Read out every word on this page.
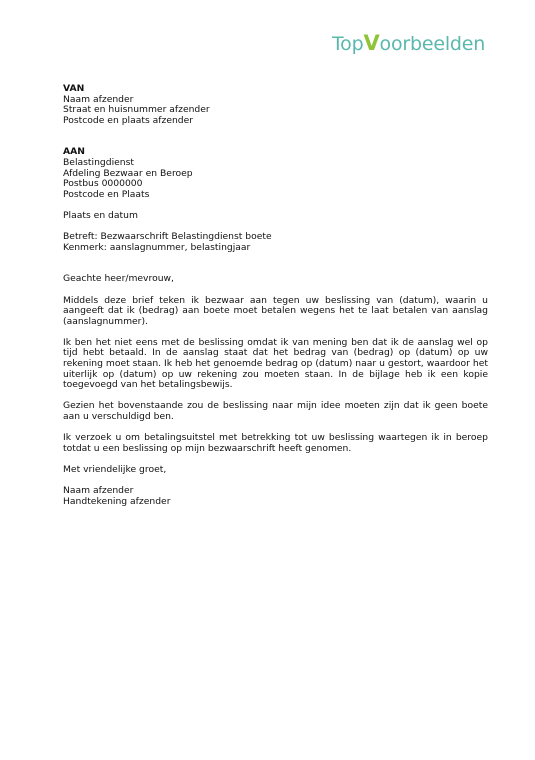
TopVoorbeelden
VAN
Naam afzender
Straat en huisnummer afzender
Postcode en plaats afzender
AAN
Belastingdienst
Afdeling Bezwaar en Beroep
Postbus 0000000
Postcode en Plaats
Plaats en datum
Betreft: Bezwaarschrift Belastingdienst boete
Kenmerk: aanslagnummer, belastingjaar
Geachte heer/mevrouw,
Middels deze brief teken ik bezwaar aan tegen uw beslissing van (datum), waarin u aangeeft dat ik (bedrag) aan boete moet betalen wegens het te laat betalen van aanslag (aanslagnummer).
Ik ben het niet eens met de beslissing omdat ik van mening ben dat ik de aanslag wel op tijd hebt betaald. In de aanslag staat dat het bedrag van (bedrag) op (datum) op uw rekening moet staan. Ik heb het genoemde bedrag op (datum) naar u gestort, waardoor het uiterlijk op (datum) op uw rekening zou moeten staan. In de bijlage heb ik een kopie toegevoegd van het betalingsbewijs.
Gezien het bovenstaande zou de beslissing naar mijn idee moeten zijn dat ik geen boete aan u verschuldigd ben.
Ik verzoek u om betalingsuitstel met betrekking tot uw beslissing waartegen ik in beroep totdat u een beslissing op mijn bezwaarschrift heeft genomen.
Met vriendelijke groet,
Naam afzender
Handtekening afzender
